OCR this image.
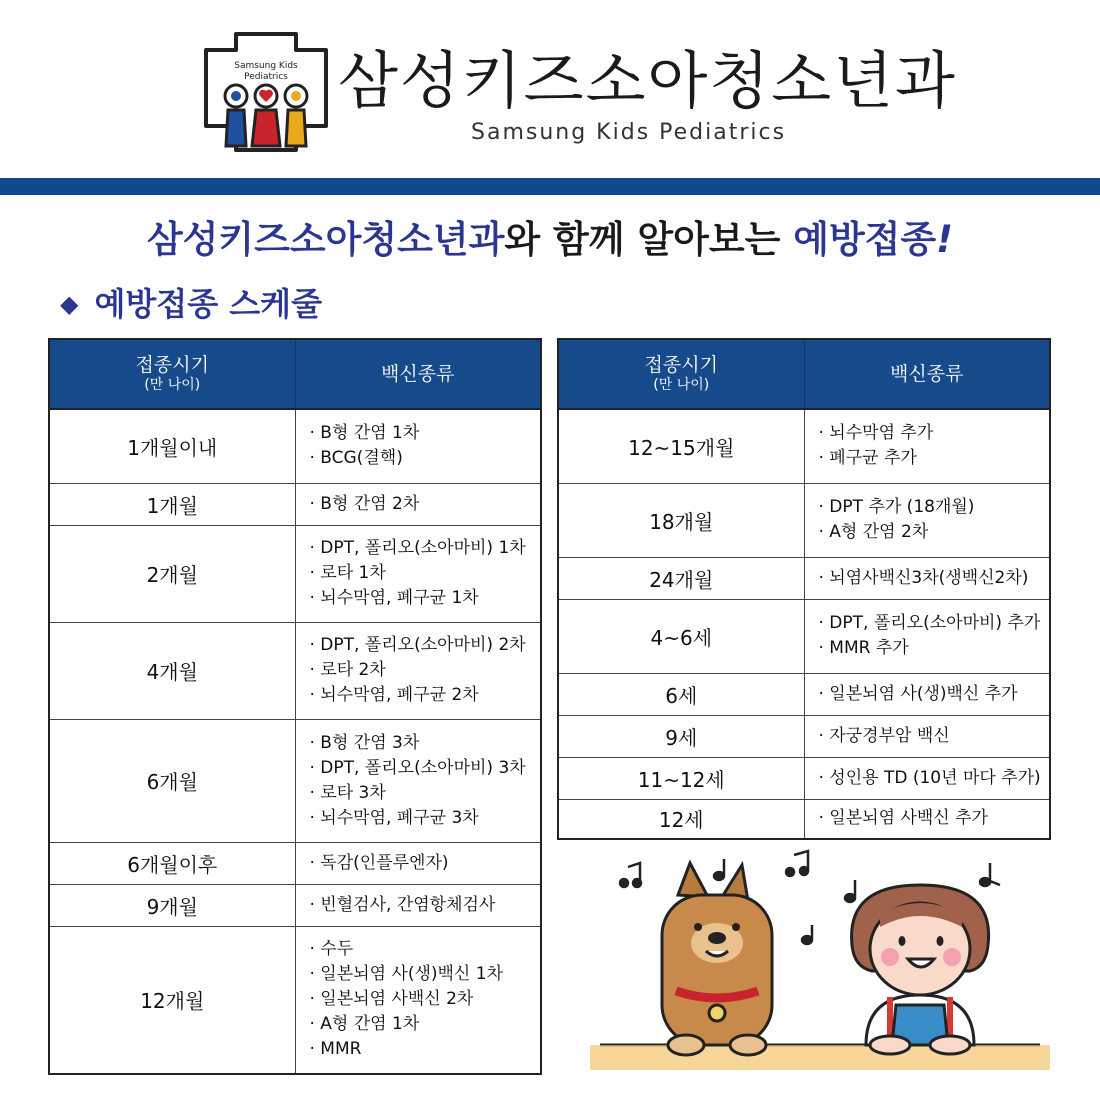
Samsung Kids
Pediatrics 삼성키즈소아청소년과
Samsung Kids Pediatrics
삼성키즈소아청소년과와 함께 알아보는 예방접종!
◆ 예방접종 스케줄
접종시기
(만 나이)	백신종류

1개월이내	· B형 간염 1차
· BCG(결핵)

1개월	· B형 간염 2차

2개월	· DPT, 폴리오(소아마비) 1차
· 로타 1차
· 뇌수막염, 폐구균 1차

4개월	· DPT, 폴리오(소아마비) 2차
· 로타 2차
· 뇌수막염, 폐구균 2차

6개월	· B형 간염 3차
· DPT, 폴리오(소아마비) 3차
· 로타 3차
· 뇌수막염, 폐구균 3차

6개월이후	· 독감(인플루엔자)

9개월	· 빈혈검사, 간염항체검사

12개월	· 수두
· 일본뇌염 사(생)백신 1차
· 일본뇌염 사백신 2차
· A형 간염 1차
· MMR
접종시기
(만 나이)	백신종류

12~15개월	· 뇌수막염 추가
· 폐구균 추가

18개월	· DPT 추가 (18개월)
· A형 간염 2차

24개월	· 뇌염사백신3차(생백신2차)

4~6세	· DPT, 폴리오(소아마비) 추가
· MMR 추가

6세	· 일본뇌염 사(생)백신 추가

9세	· 자궁경부암 백신

11~12세	· 성인용 TD (10년 마다 추가)

12세	· 일본뇌염 사백신 추가
